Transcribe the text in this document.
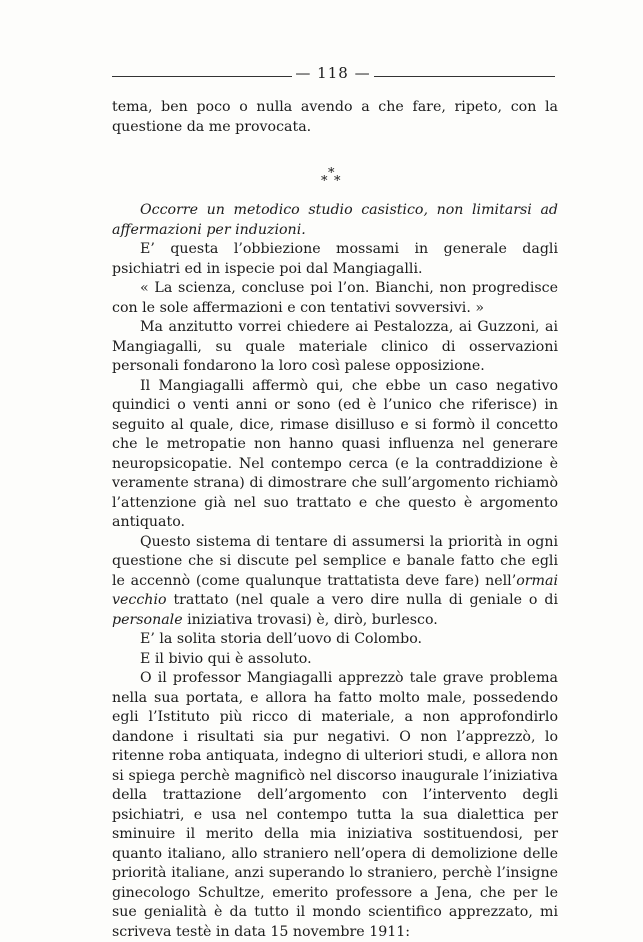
— 118 —

tema, ben poco o nulla avendo a che fare, ripeto, con la questione da me provocata.

*
* *

Occorre un metodico studio casistico, non limitarsi ad affermazioni per induzioni.

E’ questa l’obbiezione mossami in generale dagli psichiatri ed in ispecie poi dal Mangiagalli.

« La scienza, concluse poi l’on. Bianchi, non progredisce con le sole affermazioni e con tentativi sovversivi. »

Ma anzitutto vorrei chiedere ai Pestalozza, ai Guzzoni, ai Mangiagalli, su quale materiale clinico di osservazioni personali fondarono la loro così palese opposizione.

Il Mangiagalli affermò qui, che ebbe un caso negativo quindici o venti anni or sono (ed è l’unico che riferisce) in seguito al quale, dice, rimase disilluso e si formò il concetto che le metropatie non hanno quasi influenza nel generare neuropsicopatie. Nel contempo cerca (e la contraddizione è veramente strana) di dimostrare che sull’argomento richiamò l’attenzione già nel suo trattato e che questo è argomento antiquato.

Questo sistema di tentare di assumersi la priorità in ogni questione che si discute pel semplice e banale fatto che egli le accennò (come qualunque trattatista deve fare) nell’ormai vecchio trattato (nel quale a vero dire nulla di geniale o di personale iniziativa trovasi) è, dirò, burlesco.

E’ la solita storia dell’uovo di Colombo.

E il bivio qui è assoluto.

O il professor Mangiagalli apprezzò tale grave problema nella sua portata, e allora ha fatto molto male, possedendo egli l’Istituto più ricco di materiale, a non approfondirlo dandone i risultati sia pur negativi. O non l’apprezzò, lo ritenne roba antiquata, indegno di ulteriori studi, e allora non si spiega perchè magnificò nel discorso inaugurale l’iniziativa della trattazione dell’argomento con l’intervento degli psichiatri, e usa nel contempo tutta la sua dialettica per sminuire il merito della mia iniziativa sostituendosi, per quanto italiano, allo straniero nell’opera di demolizione delle priorità italiane, anzi superando lo straniero, perchè l’insigne ginecologo Schultze, emerito professore a Jena, che per le sue genialità è da tutto il mondo scientifico apprezzato, mi scriveva testè in data 15 novembre 1911:
